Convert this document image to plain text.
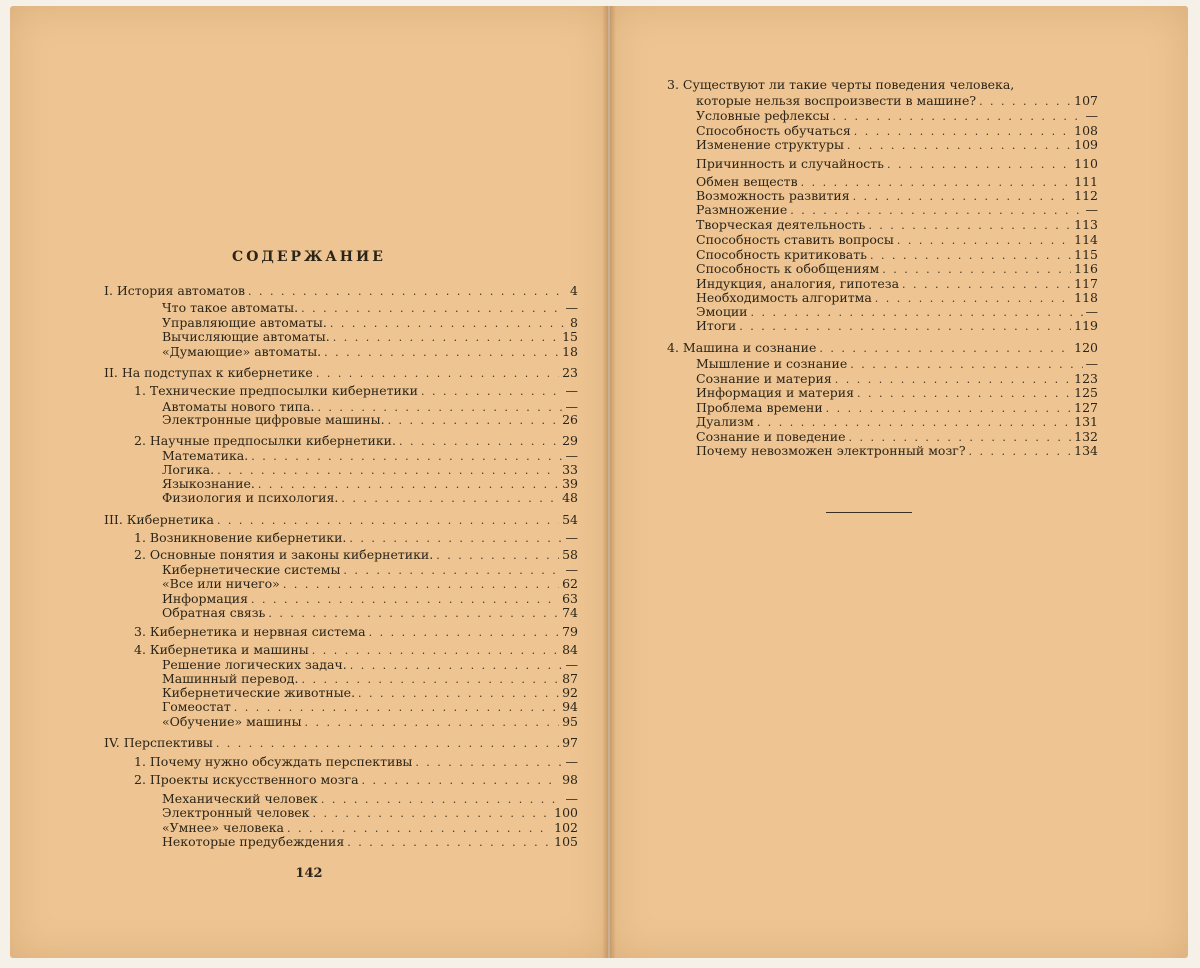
СОДЕРЖАНИЕ
I. История автоматов . . .	4
Что такое автоматы. . . .	—
Управляющие автоматы. . . .	8
Вычисляющие автоматы. . . .	15
«Думающие» автоматы. . . .	18
II. На подступах к кибернетике . . .	23
1. Технические предпосылки кибернетики . . .	—
Автоматы нового типа. . . .	—
Электронные цифровые машины. . . .	26
2. Научные предпосылки кибернетики. . . .	29
Математика. . . .	—
Логика. . . .	33
Языкознание. . . .	39
Физиология и психология. . . .	48
III. Кибернетика . . .	54
1. Возникновение кибернетики. . . .	—
2. Основные понятия и законы кибернетики. . . .	58
Кибернетические системы . . .	—
«Все или ничего» . . .	62
Информация . . .	63
Обратная связь . . .	74
3. Кибернетика и нервная система . . .	79
4. Кибернетика и машины . . .	84
Решение логических задач. . . .	—
Машинный перевод. . . .	87
Кибернетические животные. . . .	92
Гомеостат . . .	94
«Обучение» машины . . .	95
IV. Перспективы . . .	97
1. Почему нужно обсуждать перспективы . . .	—
2. Проекты искусственного мозга . . .	98
Механический человек . . .	—
Электронный человек . . .	100
«Умнее» человека . . .	102
Некоторые предубеждения . . .	105
142
3. Существуют ли такие черты поведения человека,
которые нельзя воспроизвести в машине? . . .	107
Условные рефлексы . . .	—
Способность обучаться . . .	108
Изменение структуры . . .	109
Причинность и случайность . . .	110
Обмен веществ . . .	111
Возможность развития . . .	112
Размножение . . .	—
Творческая деятельность . . .	113
Способность ставить вопросы . . .	114
Способность критиковать . . .	115
Способность к обобщениям . . .	116
Индукция, аналогия, гипотеза . . .	117
Необходимость алгоритма . . .	118
Эмоции . . .	—
Итоги . . .	119
4. Машина и сознание . . .	120
Мышление и сознание . . .	—
Сознание и материя . . .	123
Информация и материя . . .	125
Проблема времени . . .	127
Дуализм . . .	131
Сознание и поведение . . .	132
Почему невозможен электронный мозг? . . .	134
